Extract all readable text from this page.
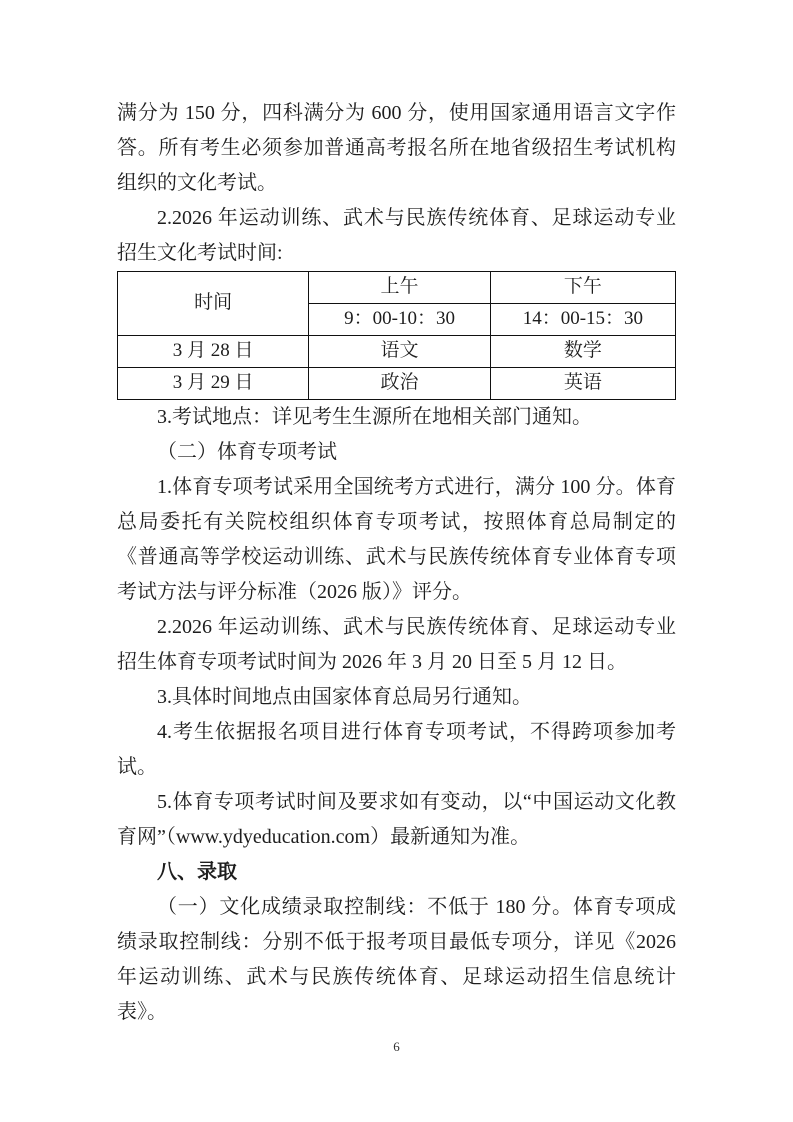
满分为 150 分，四科满分为 600 分，使用国家通用语言文字作答。所有考生必须参加普通高考报名所在地省级招生考试机构组织的文化考试。

2.2026 年运动训练、武术与民族传统体育、足球运动专业招生文化考试时间:

时间	上午	下午
	9：00-10：30	14：00-15：30
3 月 28 日	语文	数学
3 月 29 日	政治	英语

3.考试地点：详见考生生源所在地相关部门通知。

（二）体育专项考试

1.体育专项考试采用全国统考方式进行，满分 100 分。体育总局委托有关院校组织体育专项考试，按照体育总局制定的《普通高等学校运动训练、武术与民族传统体育专业体育专项考试方法与评分标准（2026 版）》评分。

2.2026 年运动训练、武术与民族传统体育、足球运动专业招生体育专项考试时间为 2026 年 3 月 20 日至 5 月 12 日。

3.具体时间地点由国家体育总局另行通知。

4.考生依据报名项目进行体育专项考试，不得跨项参加考试。

5.体育专项考试时间及要求如有变动，以“中国运动文化教育网”（www.ydyeducation.com）最新通知为准。

八、录取

（一）文化成绩录取控制线：不低于 180 分。体育专项成绩录取控制线：分别不低于报考项目最低专项分，详见《2026 年运动训练、武术与民族传统体育、足球运动招生信息统计表》。

6
